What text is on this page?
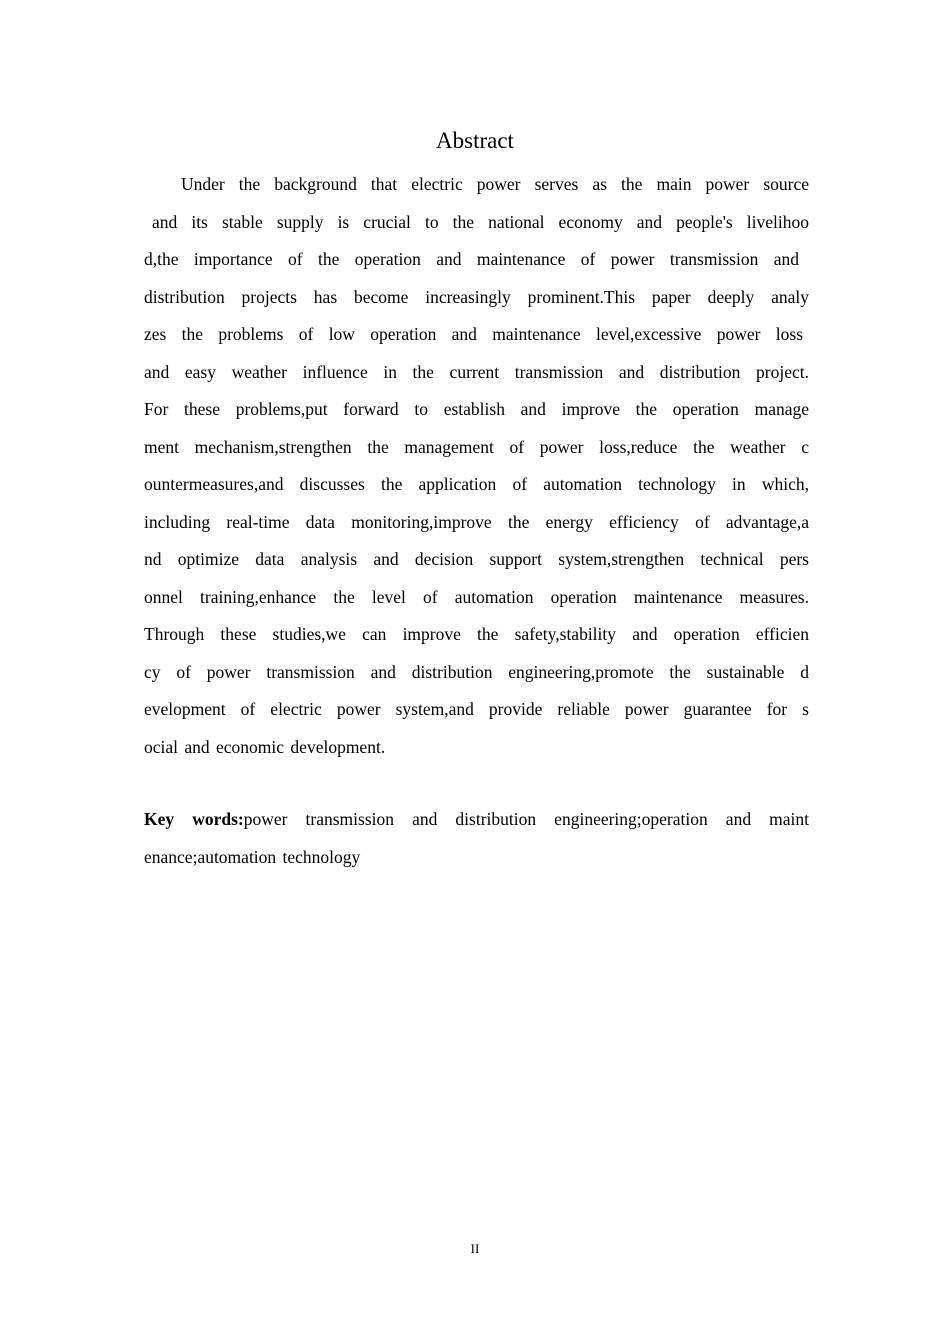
Abstract
Under the background that electric power serves as the main power source
and its stable supply is crucial to the national economy and people's livelihoo
d,the importance of the operation and maintenance of power transmission and
distribution projects has become increasingly prominent.This paper deeply analy
zes the problems of low operation and maintenance level,excessive power loss
and easy weather influence in the current transmission and distribution project.
For these problems,put forward to establish and improve the operation manage
ment mechanism,strengthen the management of power loss,reduce the weather c
ountermeasures,and discusses the application of automation technology in which,
including real-time data monitoring,improve the energy efficiency of advantage,a
nd optimize data analysis and decision support system,strengthen technical pers
onnel training,enhance the level of automation operation maintenance measures.
Through these studies,we can improve the safety,stability and operation efficien
cy of power transmission and distribution engineering,promote the sustainable d
evelopment of electric power system,and provide reliable power guarantee for s
ocial and economic development.
Key words:power transmission and distribution engineering;operation and maint
enance;automation technology
II
